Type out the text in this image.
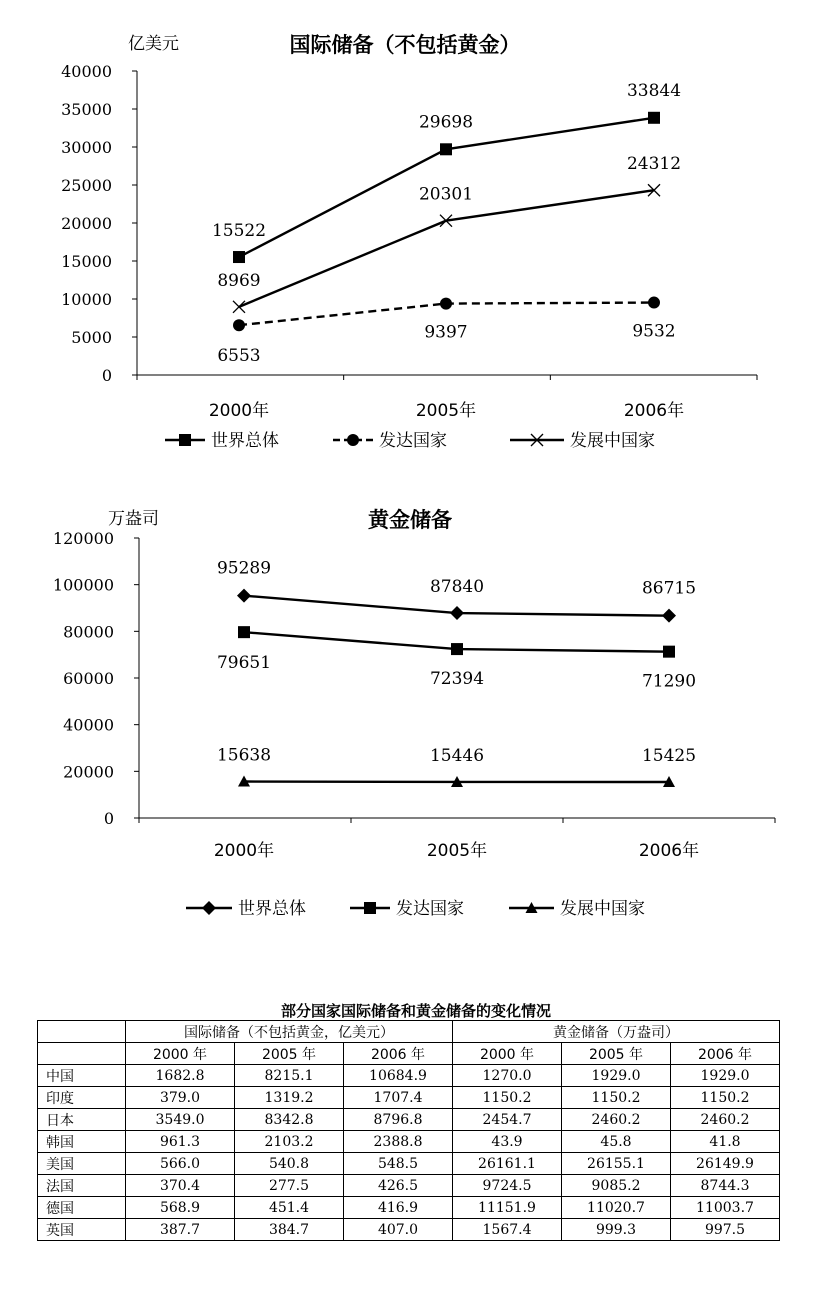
国际储备（不包括黄金）
亿美元
0
5000
10000
15000
20000
25000
30000
35000
40000
2000年	2005年	2006年
15522
29698
33844
6553
9397	9532
8969
20301
24312
世界总体	发达国家	发展中国家
黄金储备
万盎司
0
20000
40000
60000
80000
100000
120000
2000年	2005年	2006年
95289
87840	86715
79651
72394	71290
15638	15446	15425
世界总体	发达国家	发展中国家
部分国家国际储备和黄金储备的变化情况
	国际储备（不包括黄金，亿美元）			黄金储备（万盎司）		
	2000 年	2005 年	2006 年	2000 年	2005 年	2006 年
中国	1682.8	8215.1	10684.9	1270.0	1929.0	1929.0
印度	379.0	1319.2	1707.4	1150.2	1150.2	1150.2
日本	3549.0	8342.8	8796.8	2454.7	2460.2	2460.2
韩国	961.3	2103.2	2388.8	43.9	45.8	41.8
美国	566.0	540.8	548.5	26161.1	26155.1	26149.9
法国	370.4	277.5	426.5	9724.5	9085.2	8744.3
德国	568.9	451.4	416.9	11151.9	11020.7	11003.7
英国	387.7	384.7	407.0	1567.4	999.3	997.5
